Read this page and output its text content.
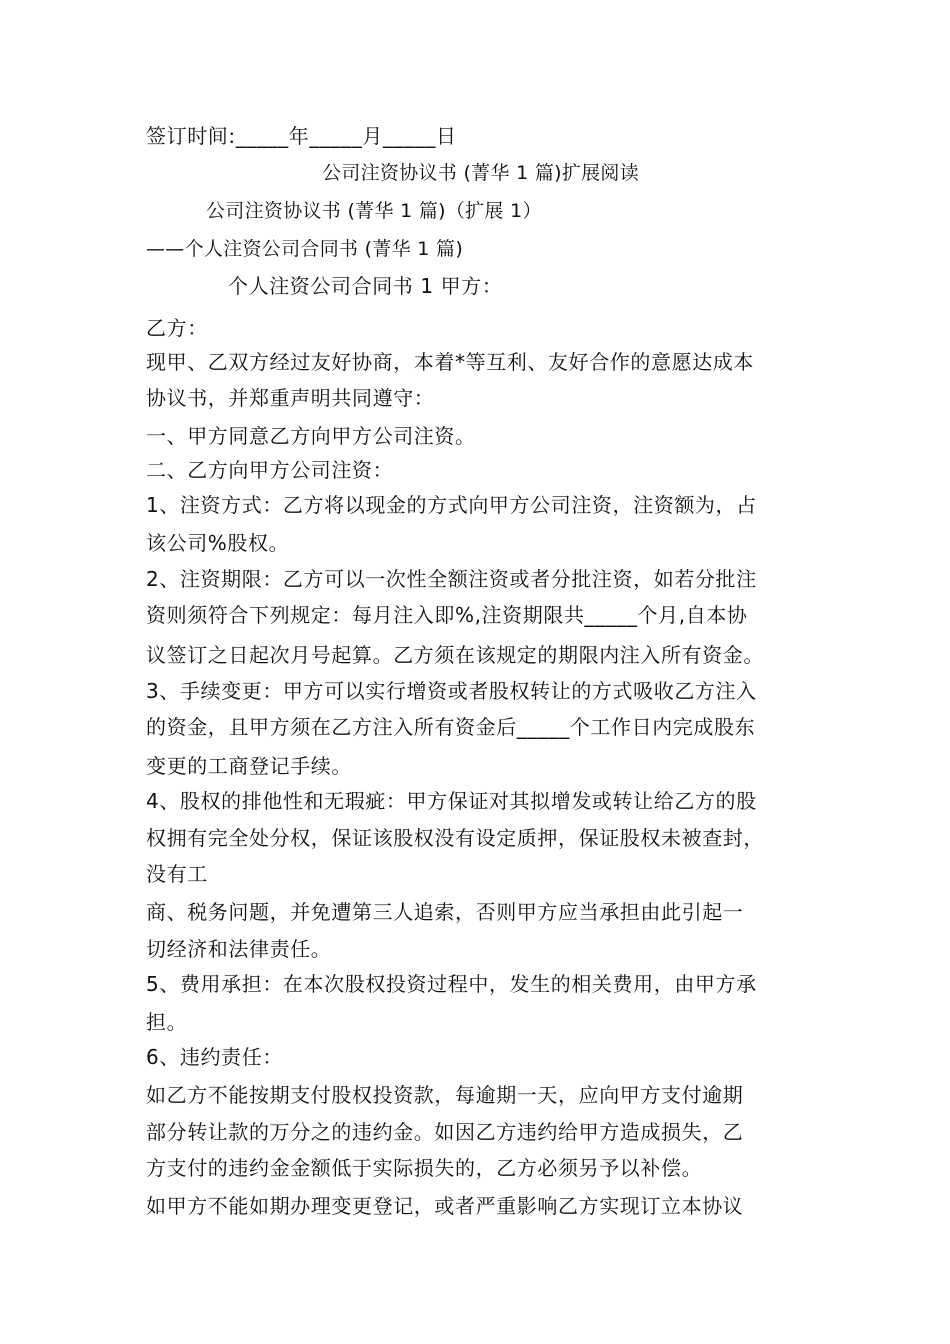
签订时间:_____年_____月_____日
公司注资协议书 (菁华 1 篇)扩展阅读
公司注资协议书 (菁华 1 篇)（扩展 1）
——个人注资公司合同书 (菁华 1 篇)
个人注资公司合同书 1 甲方：
乙方：
现甲、乙双方经过友好协商，本着*等互利、友好合作的意愿达成本
协议书，并郑重声明共同遵守：
一、甲方同意乙方向甲方公司注资。
二、乙方向甲方公司注资：
1、注资方式：乙方将以现金的方式向甲方公司注资，注资额为，占
该公司%股权。
2、注资期限：乙方可以一次性全额注资或者分批注资，如若分批注
资则须符合下列规定：每月注入即%,注资期限共_____个月,自本协
议签订之日起次月号起算。乙方须在该规定的期限内注入所有资金。
3、手续变更：甲方可以实行增资或者股权转让的方式吸收乙方注入
的资金，且甲方须在乙方注入所有资金后_____个工作日内完成股东
变更的工商登记手续。
4、股权的排他性和无瑕疵：甲方保证对其拟增发或转让给乙方的股
权拥有完全处分权，保证该股权没有设定质押，保证股权未被查封，
没有工
商、税务问题，并免遭第三人追索，否则甲方应当承担由此引起一
切经济和法律责任。
5、费用承担：在本次股权投资过程中，发生的相关费用，由甲方承
担。
6、违约责任：
如乙方不能按期支付股权投资款，每逾期一天，应向甲方支付逾期
部分转让款的万分之的违约金。如因乙方违约给甲方造成损失，乙
方支付的违约金金额低于实际损失的，乙方必须另予以补偿。
如甲方不能如期办理变更登记，或者严重影响乙方实现订立本协议
